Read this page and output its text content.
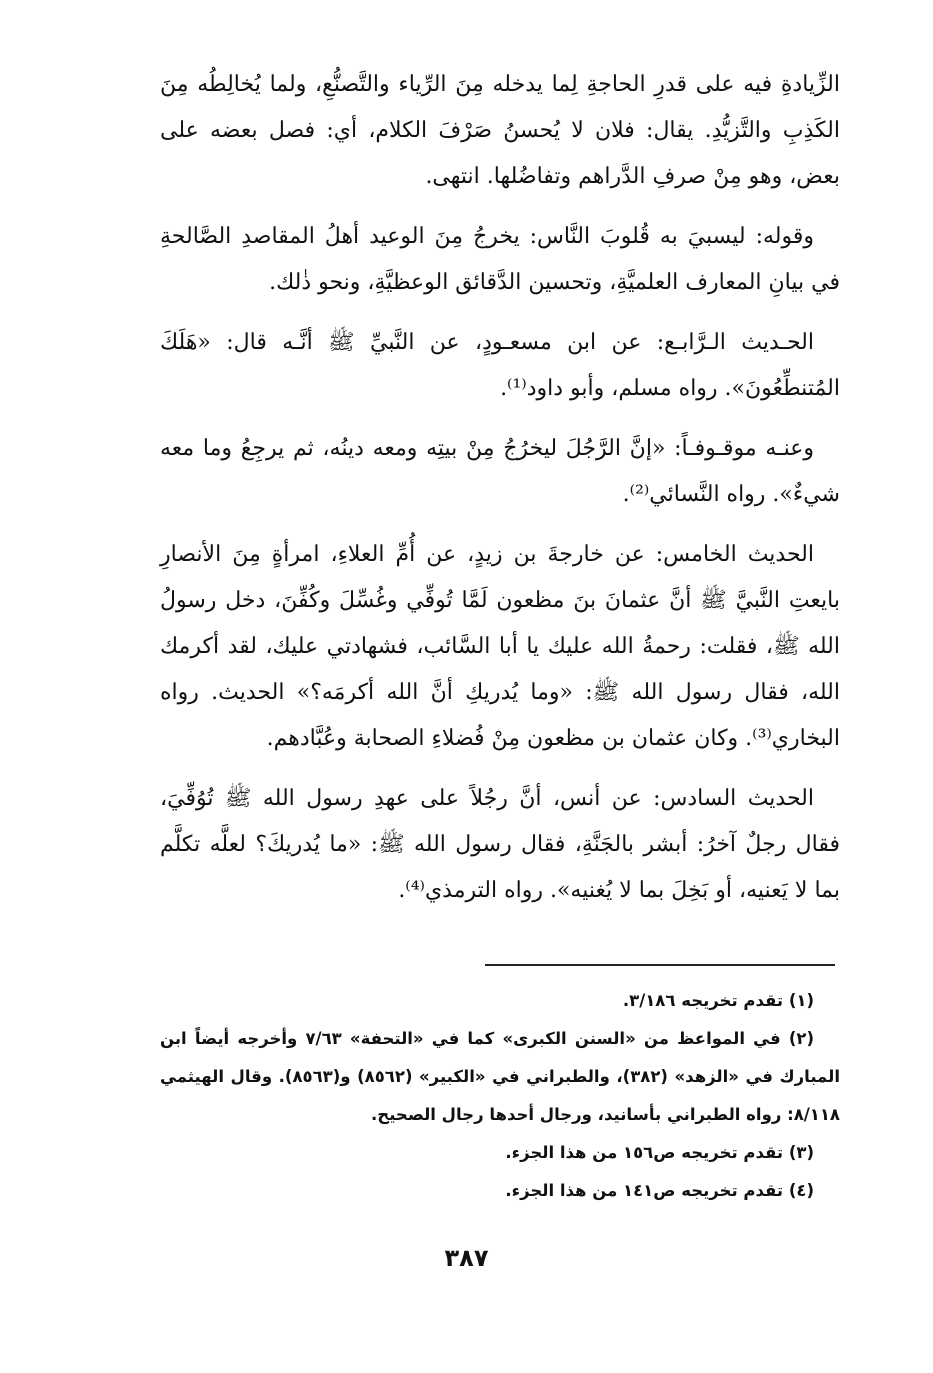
الزِّيادةِ فيه على قدرِ الحاجةِ لِما يدخله مِنَ الرِّياء والتَّصنُّعِ، ولما يُخالِطُه مِنَ الكَذِبِ والتَّزيُّدِ. يقال: فلان لا يُحسنُ صَرْفَ الكلام، أي: فصل بعضه على بعض، وهو مِنْ صرفِ الدَّراهم وتفاضُلها. انتهى.

وقوله: ليسبيَ به قُلوبَ النَّاس: يخرجُ مِنَ الوعيد أهلُ المقاصدِ الصَّالحةِ في بيانِ المعارف العلميَّةِ، وتحسين الدَّقائق الوعظيَّةِ، ونحو ذٰلك.

الحـديث الـرَّابـع: عن ابن مسعـودٍ، عن النَّبيِّ ﷺ أنَّـه قال: «هَلَكَ المُتنطِّعُونَ». رواه مسلم، وأبو داود⁽¹⁾.

وعنـه موقـوفـاً: «إنَّ الرَّجُلَ ليخرُجُ مِنْ بيتِه ومعه دينُه، ثم يرجِعُ وما معه شيءٌ». رواه النَّسائي⁽²⁾.

الحديث الخامس: عن خارجةَ بن زيدٍ، عن أُمِّ العلاءِ، امرأةٍ مِنَ الأنصارِ بايعتِ النَّبيَّ ﷺ أنَّ عثمانَ بنَ مظعون لَمَّا تُوفِّي وغُسِّلَ وكُفِّنَ، دخل رسولُ الله ﷺ، فقلت: رحمةُ الله عليك يا أبا السَّائب، فشهادتي عليك، لقد أكرمك الله، فقال رسول الله ﷺ: «وما يُدريكِ أنَّ الله أكرمَه؟» الحديث. رواه البخاري⁽³⁾. وكان عثمان بن مظعون مِنْ فُضلاءِ الصحابة وعُبَّادهم.

الحديث السادس: عن أنس، أنَّ رجُلاً على عهدِ رسول الله ﷺ تُوُفِّيَ، فقال رجلٌ آخرُ: أبشر بالجَنَّةِ، فقال رسول الله ﷺ: «ما يُدريكَ؟ لعلَّه تكلَّم بما لا يَعنيه، أو بَخِلَ بما لا يُغنيه». رواه الترمذي⁽⁴⁾.

(١) تقدم تخريجه ٣/١٨٦.

(٢) في المواعظ من «السنن الكبرى» كما في «التحفة» ٧/٦٣ وأخرجه أيضاً ابن المبارك في «الزهد» (٣٨٢)، والطبراني في «الكبير» (٨٥٦٢) و(٨٥٦٣). وقال الهيثمي ٨/١١٨: رواه الطبراني بأسانيد، ورجال أحدها رجال الصحيح.

(٣) تقدم تخريجه ص١٥٦ من هذا الجزء.

(٤) تقدم تخريجه ص١٤١ من هذا الجزء.

٣٨٧
